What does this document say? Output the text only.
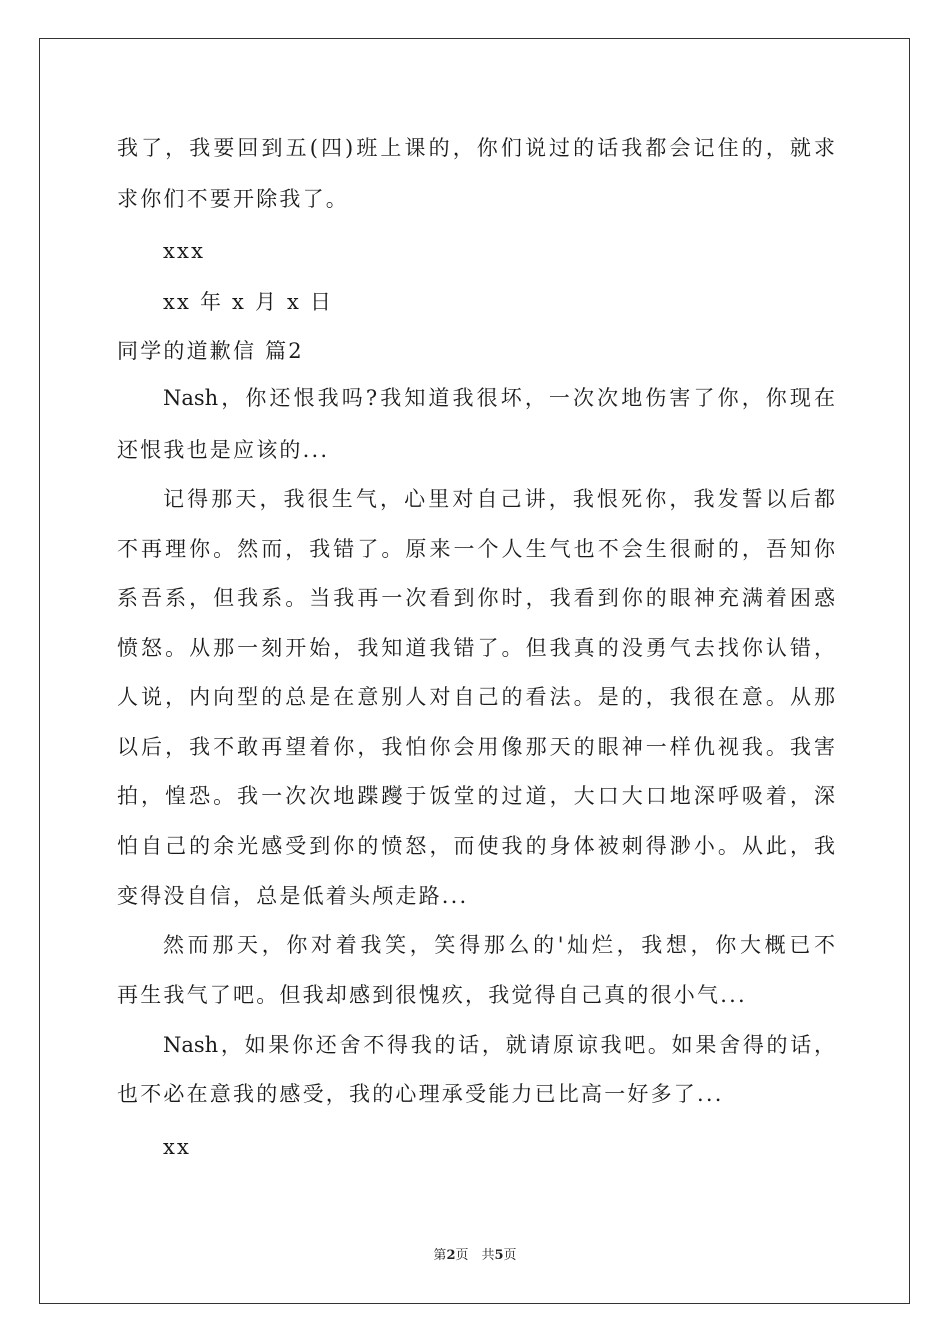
我了，我要回到五(四)班上课的，你们说过的话我都会记住的，就求
求你们不要开除我了。
xxx
xx 年 x 月 x 日
同学的道歉信 篇2
Nash，你还恨我吗?我知道我很坏，一次次地伤害了你，你现在
还恨我也是应该的...
记得那天，我很生气，心里对自己讲，我恨死你，我发誓以后都
不再理你。然而，我错了。原来一个人生气也不会生很耐的，吾知你
系吾系，但我系。当我再一次看到你时，我看到你的眼神充满着困惑
愤怒。从那一刻开始，我知道我错了。但我真的没勇气去找你认错，
人说，内向型的总是在意别人对自己的看法。是的，我很在意。从那
以后，我不敢再望着你，我怕你会用像那天的眼神一样仇视我。我害
拍，惶恐。我一次次地蹀躞于饭堂的过道，大口大口地深呼吸着，深
怕自己的余光感受到你的愤怒，而使我的身体被刺得渺小。从此，我
变得没自信，总是低着头颅走路...
然而那天，你对着我笑，笑得那么的'灿烂，我想，你大概已不
再生我气了吧。但我却感到很愧疚，我觉得自己真的很小气...
Nash，如果你还舍不得我的话，就请原谅我吧。如果舍得的话，
也不必在意我的感受，我的心理承受能力已比高一好多了...
xx
第2页　共5页
